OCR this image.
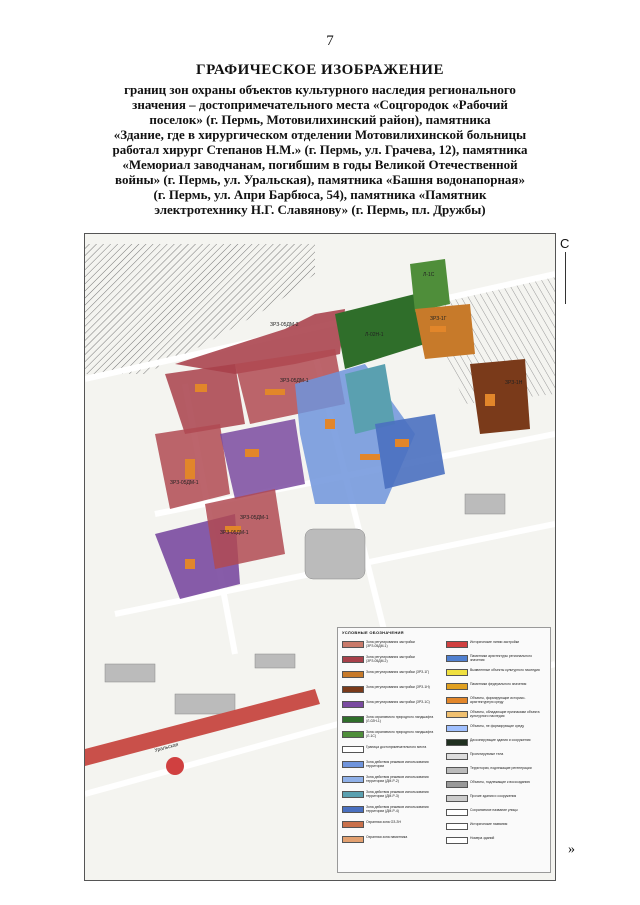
7
ГРАФИЧЕСКОЕ ИЗОБРАЖЕНИЕ
границ зон охраны объектов культурного наследия регионального
значения – достопримечательного места «Соцгородок «Рабочий
поселок» (г. Пермь, Мотовилихинский район), памятника
«Здание, где в хирургическом отделении Мотовилихинской больницы
работал хирург Степанов Н.М.» (г. Пермь, ул. Грачева, 12), памятника
«Мемориал заводчанам, погибшим в годы Великой Отечественной
войны» (г. Пермь, ул. Уральская), памятника «Башня водонапорная»
(г. Пермь, ул. Апри Барбюса, 54), памятника «Памятник
электротехнику Н.Г. Славянову» (г. Пермь, пл. Дружбы)
С
ЗРЗ-05ДМ-2
Л-02Н-1
ЗРЗ-1Г
ЗРЗ-1Н
ЗРЗ-05ДМ-1
ЗРЗ-05ДМ-1
ЗРЗ-05ДМ-1
ЗРЗ-05ДМ-1
Л-1С
Уральская
УСЛОВНЫЕ ОБОЗНАЧЕНИЯ
Зона регулирования застройки (ЗРЗ-05ДМ-1)
Зона регулирования застройки (ЗРЗ-05ДМ-2)
Зона регулирования застройки (ЗРЗ-1Г)
Зона регулирования застройки (ЗРЗ-1Н)
Зона регулирования застройки (ЗРЗ-1С)
Зона охраняемого природного ландшафта (Л-02Н-1)
Зона охраняемого природного ландшафта (Л-1С)
Граница достопримечательного места
Зона действия режимов использования территории
Зона действия режимов использования территории (ДМ-Р-2)
Зона действия режимов использования территории (ДМ-Р-3)
Зона действия режимов использования территории (ДМ-Р-4)
Охранная зона ОЗ-ЗН
Охранная зона памятника
Исторические линии застройки
Памятники архитектуры регионального значения
Выявленные объекты культурного наследия
Памятники федерального значения
Объекты, формирующие историко-архитектурную среду
Объекты, обладающие признаками объекта культурного наследия
Объекты, не формирующие среду
Диссонирующие здания и сооружения
Проектируемые тела
Территории, подлежащие регенерации
Объекты, подлежащие к воссозданию
Прочие здания и сооружения
Сохраняемое название улицы
Исторические названия
Номера зданий
»
